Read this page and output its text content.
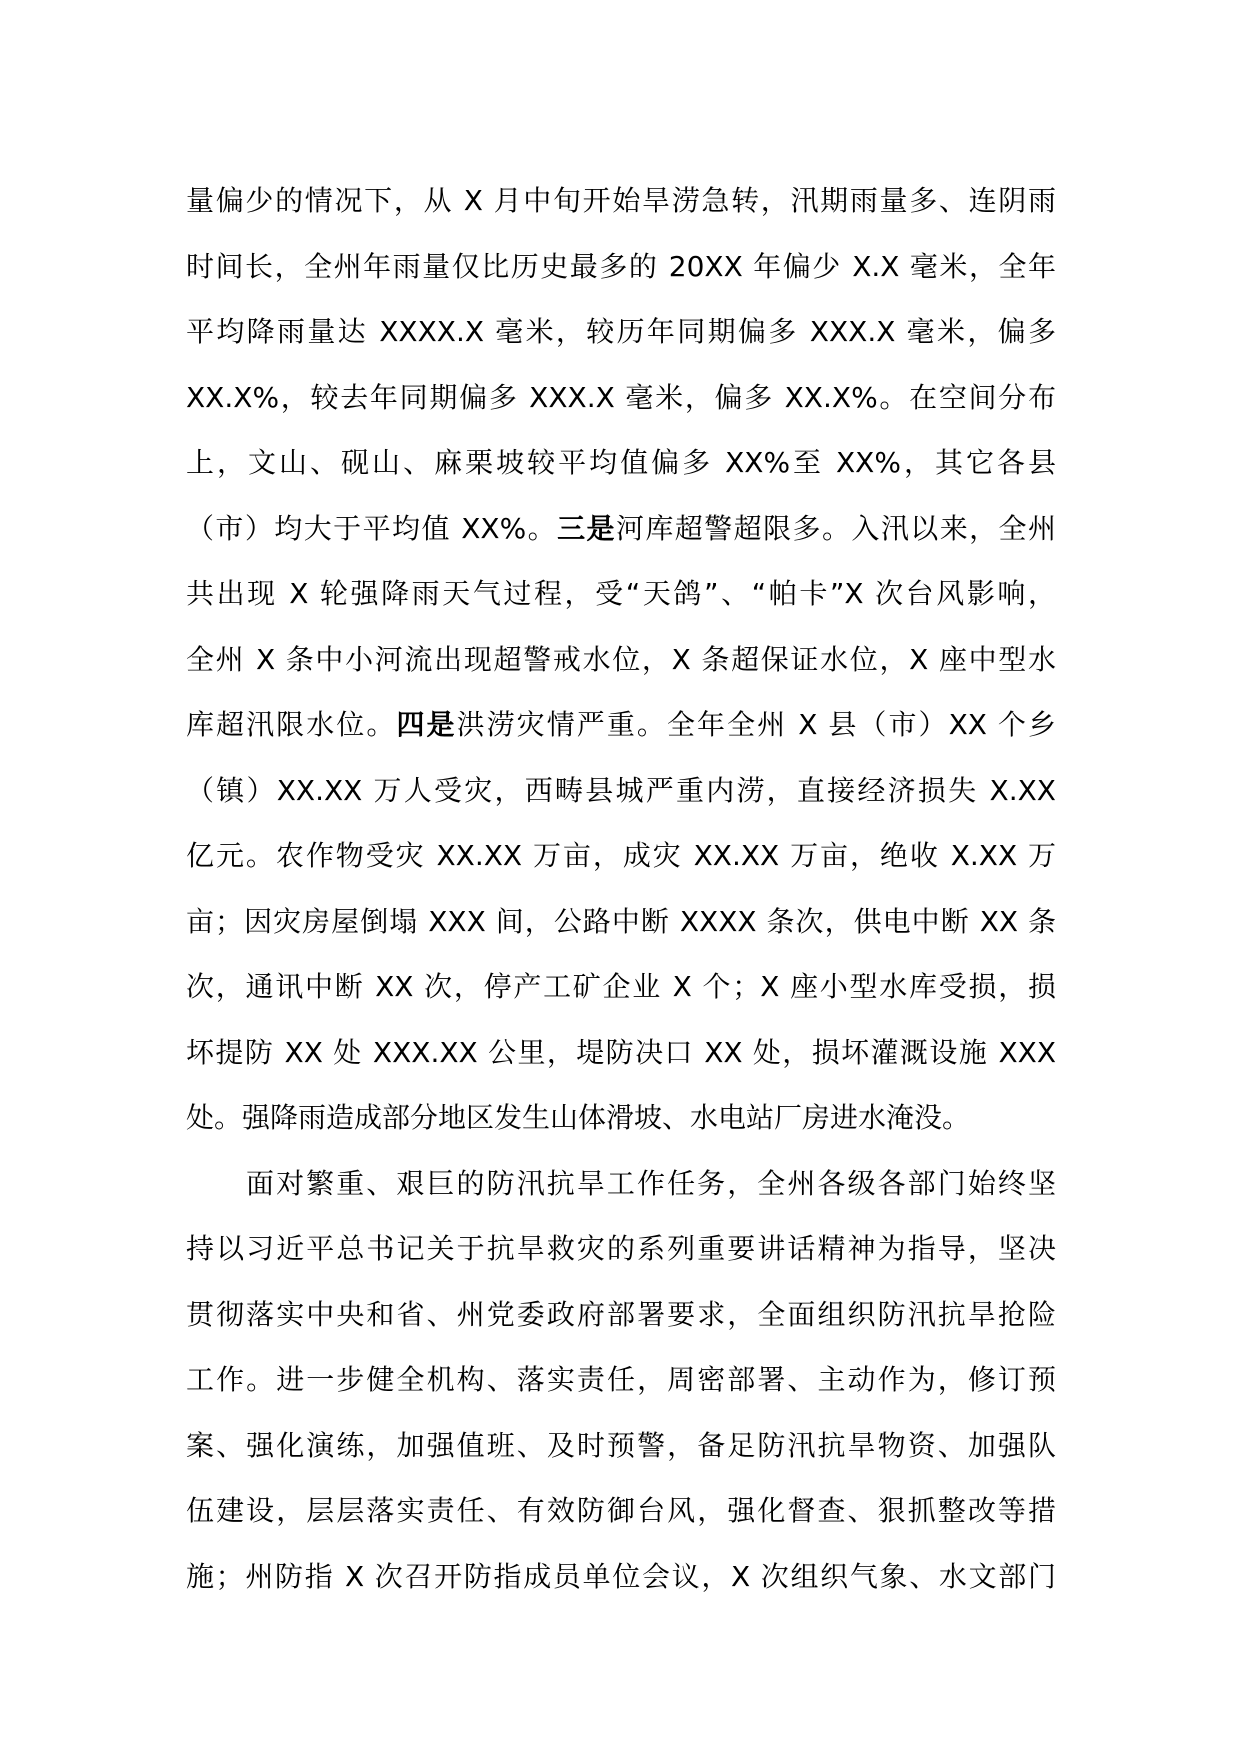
量偏少的情况下，从 X 月中旬开始旱涝急转，汛期雨量多、连阴雨
时间长，全州年雨量仅比历史最多的 20XX 年偏少 X.X 毫米，全年
平均降雨量达 XXXX.X 毫米，较历年同期偏多 XXX.X 毫米，偏多
XX.X%，较去年同期偏多 XXX.X 毫米，偏多 XX.X%。在空间分布
上，文山、砚山、麻栗坡较平均值偏多 XX%至 XX%，其它各县
（市）均大于平均值 XX%。三是河库超警超限多。入汛以来，全州
共出现 X 轮强降雨天气过程，受“天鸽”、“帕卡”X 次台风影响，
全州 X 条中小河流出现超警戒水位，X 条超保证水位，X 座中型水
库超汛限水位。四是洪涝灾情严重。全年全州 X 县（市）XX 个乡
（镇）XX.XX 万人受灾，西畴县城严重内涝，直接经济损失 X.XX
亿元。农作物受灾 XX.XX 万亩，成灾 XX.XX 万亩，绝收 X.XX 万
亩；因灾房屋倒塌 XXX 间，公路中断 XXXX 条次，供电中断 XX 条
次，通讯中断 XX 次，停产工矿企业 X 个；X 座小型水库受损，损
坏提防 XX 处 XXX.XX 公里，堤防决口 XX 处，损坏灌溉设施 XXX
处。强降雨造成部分地区发生山体滑坡、水电站厂房进水淹没。
面对繁重、艰巨的防汛抗旱工作任务，全州各级各部门始终坚
持以习近平总书记关于抗旱救灾的系列重要讲话精神为指导，坚决
贯彻落实中央和省、州党委政府部署要求，全面组织防汛抗旱抢险
工作。进一步健全机构、落实责任，周密部署、主动作为，修订预
案、强化演练，加强值班、及时预警，备足防汛抗旱物资、加强队
伍建设，层层落实责任、有效防御台风，强化督查、狠抓整改等措
施；州防指 X 次召开防指成员单位会议，X 次组织气象、水文部门
